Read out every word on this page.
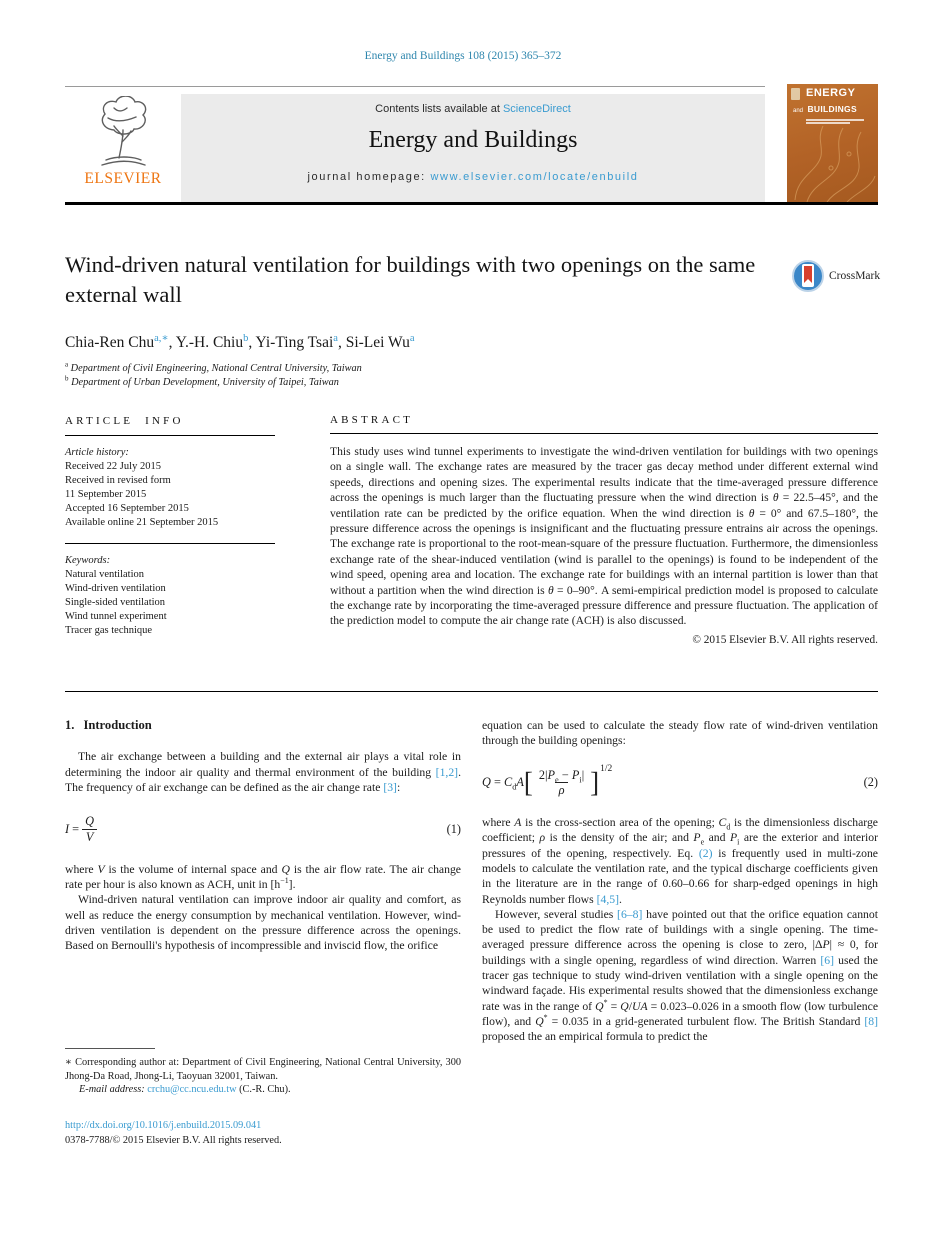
Energy and Buildings 108 (2015) 365–372
ELSEVIER
Contents lists available at ScienceDirect
Energy and Buildings
journal homepage: www.elsevier.com/locate/enbuild
ENERGY
and BUILDINGS
Wind-driven natural ventilation for buildings with two openings on the same external wall
CrossMark
Chia-Ren Chu$^{a,∗}$, Y.-H. Chiu$^b$, Yi-Ting Tsai$^a$, Si-Lei Wu$^a$
$^a$ Department of Civil Engineering, National Central University, Taiwan
$^b$ Department of Urban Development, University of Taipei, Taiwan
ARTICLE INFO
Article history:
Received 22 July 2015
Received in revised form
11 September 2015
Accepted 16 September 2015
Available online 21 September 2015
Keywords:
Natural ventilation
Wind-driven ventilation
Single-sided ventilation
Wind tunnel experiment
Tracer gas technique
ABSTRACT
This study uses wind tunnel experiments to investigate the wind-driven ventilation for buildings with two openings on a single wall. The exchange rates are measured by the tracer gas decay method under different external wind speeds, directions and opening sizes. The experimental results indicate that the time-averaged pressure difference across the openings is much larger than the fluctuating pressure when the wind direction is θ = 22.5–45°, and the ventilation rate can be predicted by the orifice equation. When the wind direction is θ = 0° and 67.5–180°, the pressure difference across the openings is insignificant and the fluctuating pressure entrains air across the openings. The exchange rate is proportional to the root-mean-square of the pressure fluctuation. Furthermore, the dimensionless exchange rate of the shear-induced ventilation (wind is parallel to the openings) is found to be independent of the wind speed, opening area and location. The exchange rate for buildings with an internal partition is lower than that without a partition when the wind direction is θ = 0–90°. A semi-empirical prediction model is proposed to calculate the exchange rate by incorporating the time-averaged pressure difference and pressure fluctuation. The application of the prediction model to compute the air change rate (ACH) is also discussed.
© 2015 Elsevier B.V. All rights reserved.
1. Introduction

The air exchange between a building and the external air plays a vital role in determining the indoor air quality and thermal environment of the building [1,2]. The frequency of air exchange can be defined as the air change rate [3]:

$I = \frac{Q}{V}$	(1)

where V is the volume of internal space and Q is the air flow rate. The air change rate per hour is also known as ACH, unit in $[h^{-1}]$.

Wind-driven natural ventilation can improve indoor air quality and comfort, as well as reduce the energy consumption by mechanical ventilation. However, wind-driven ventilation is dependent on the pressure difference across the openings. Based on Bernoulli's hypothesis of incompressible and inviscid flow, the orifice

equation can be used to calculate the steady flow rate of wind-driven ventilation through the building openings:

$Q = C_dA$ [ $\frac{2|P_e - P_i|}{\rho}$ ] 1/2
(2)

where A is the cross-section area of the opening; $C_d$ is the dimensionless discharge coefficient; ρ is the density of the air; and $P_e$ and $P_i$ are the exterior and interior pressures of the opening, respectively. Eq. (2) is frequently used in multi-zone models to calculate the ventilation rate, and the typical discharge coefficients given in the literature are in the range of 0.60–0.66 for sharp-edged openings in high Reynolds number flows [4,5].

However, several studies [6–8] have pointed out that the orifice equation cannot be used to predict the flow rate of buildings with a single opening. The time-averaged pressure difference across the opening is close to zero, |ΔP| ≈ 0, for buildings with a single opening, regardless of wind direction. Warren [6] used the tracer gas technique to study wind-driven ventilation with a single opening on the windward façade. His experimental results showed that the dimensionless exchange rate was in the range of Q* = Q/UA = 0.023–0.026 in a smooth flow (low turbulence flow), and Q* = 0.035 in a grid-generated turbulent flow. The British Standard [8] proposed the an empirical formula to predict the

∗ Corresponding author at: Department of Civil Engineering, National Central University, 300 Jhong-Da Road, Jhong-Li, Taoyuan 32001, Taiwan.
E-mail address: crchu@cc.ncu.edu.tw (C.-R. Chu).
http://dx.doi.org/10.1016/j.enbuild.2015.09.041
0378-7788/© 2015 Elsevier B.V. All rights reserved.
